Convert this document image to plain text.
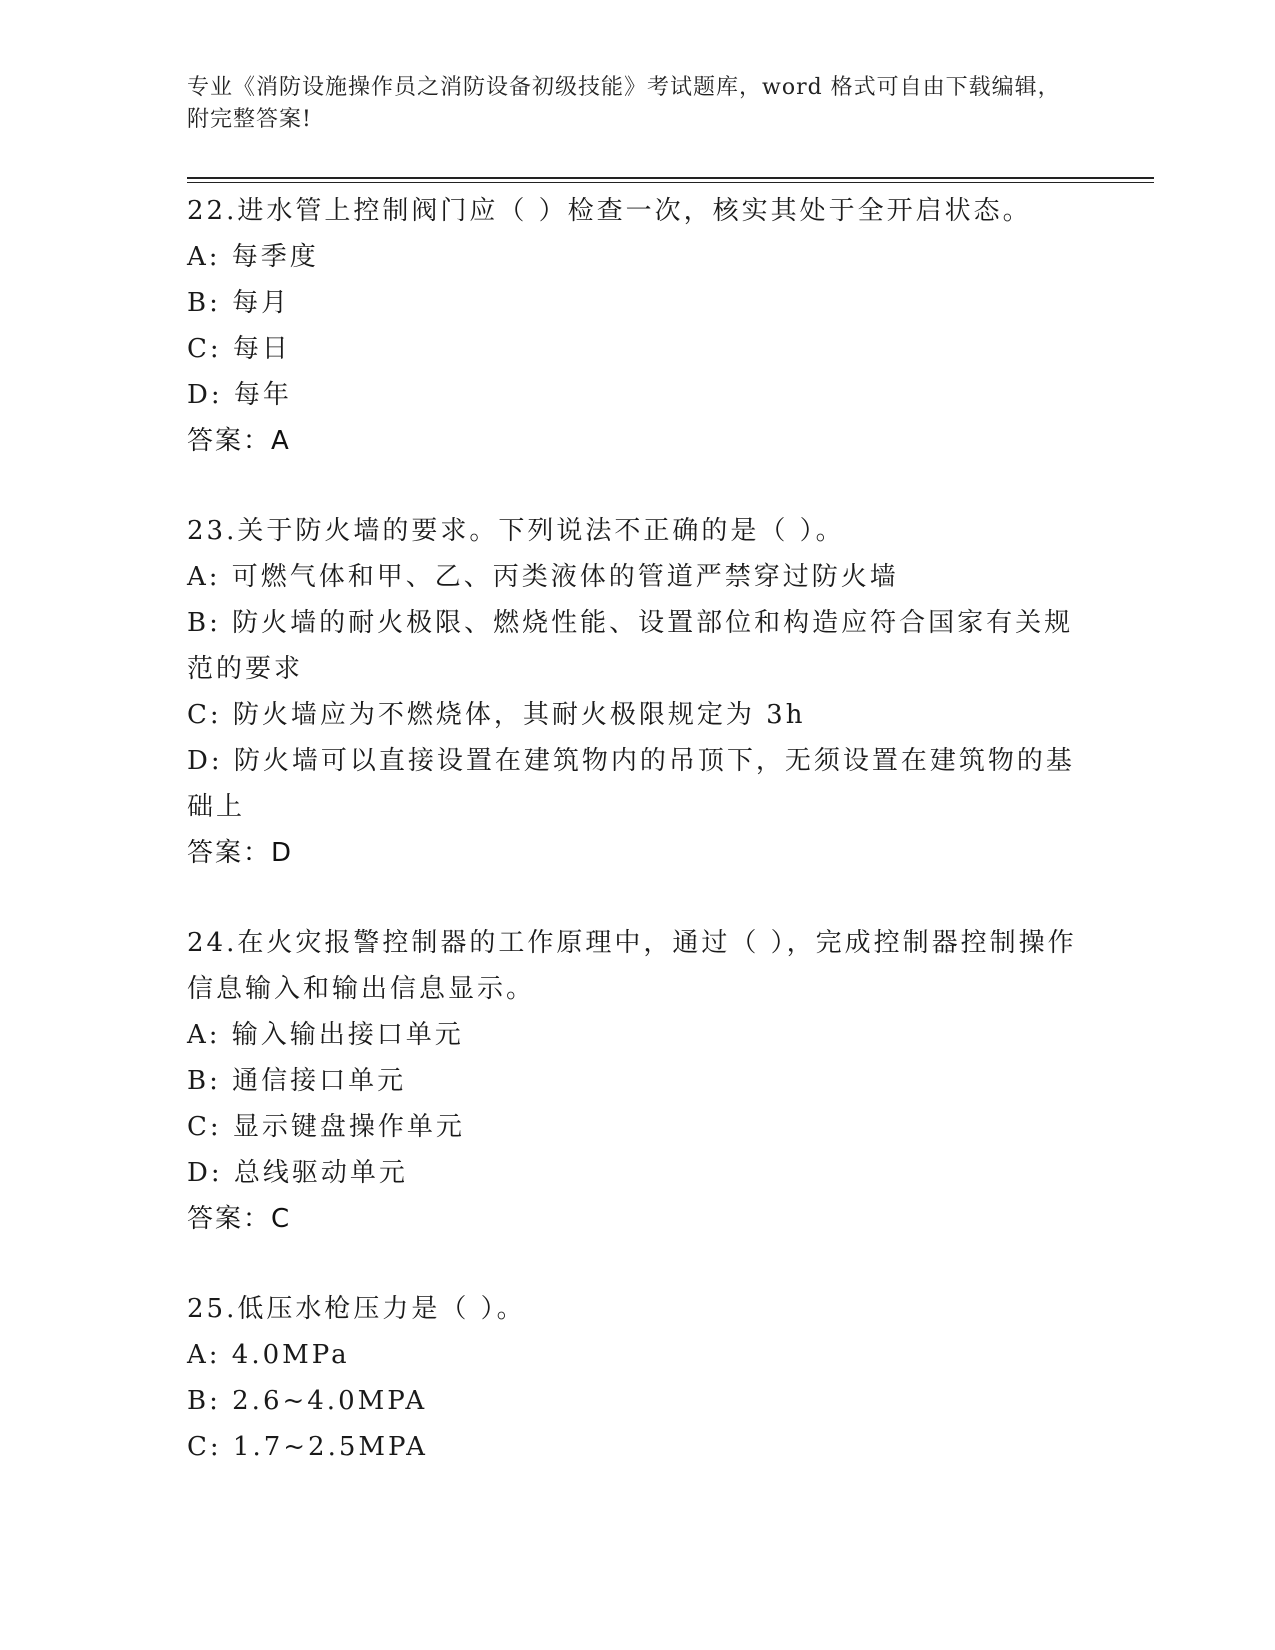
专业《消防设施操作员之消防设备初级技能》考试题库，word 格式可自由下载编辑，附完整答案!
22.进水管上控制阀门应（ ）检查一次，核实其处于全开启状态。
A: 每季度
B: 每月
C: 每日
D: 每年
答案：A
23.关于防火墙的要求。下列说法不正确的是（ ）。
A: 可燃气体和甲、乙、丙类液体的管道严禁穿过防火墙
B: 防火墙的耐火极限、燃烧性能、设置部位和构造应符合国家有关规范的要求
C: 防火墙应为不燃烧体，其耐火极限规定为 3h
D: 防火墙可以直接设置在建筑物内的吊顶下，无须设置在建筑物的基础上
答案：D
24.在火灾报警控制器的工作原理中，通过（ ），完成控制器控制操作信息输入和输出信息显示。
A: 输入输出接口单元
B: 通信接口单元
C: 显示键盘操作单元
D: 总线驱动单元
答案：C
25.低压水枪压力是（ ）。
A: 4.0MPa
B: 2.6~4.0MPA
C: 1.7~2.5MPA
